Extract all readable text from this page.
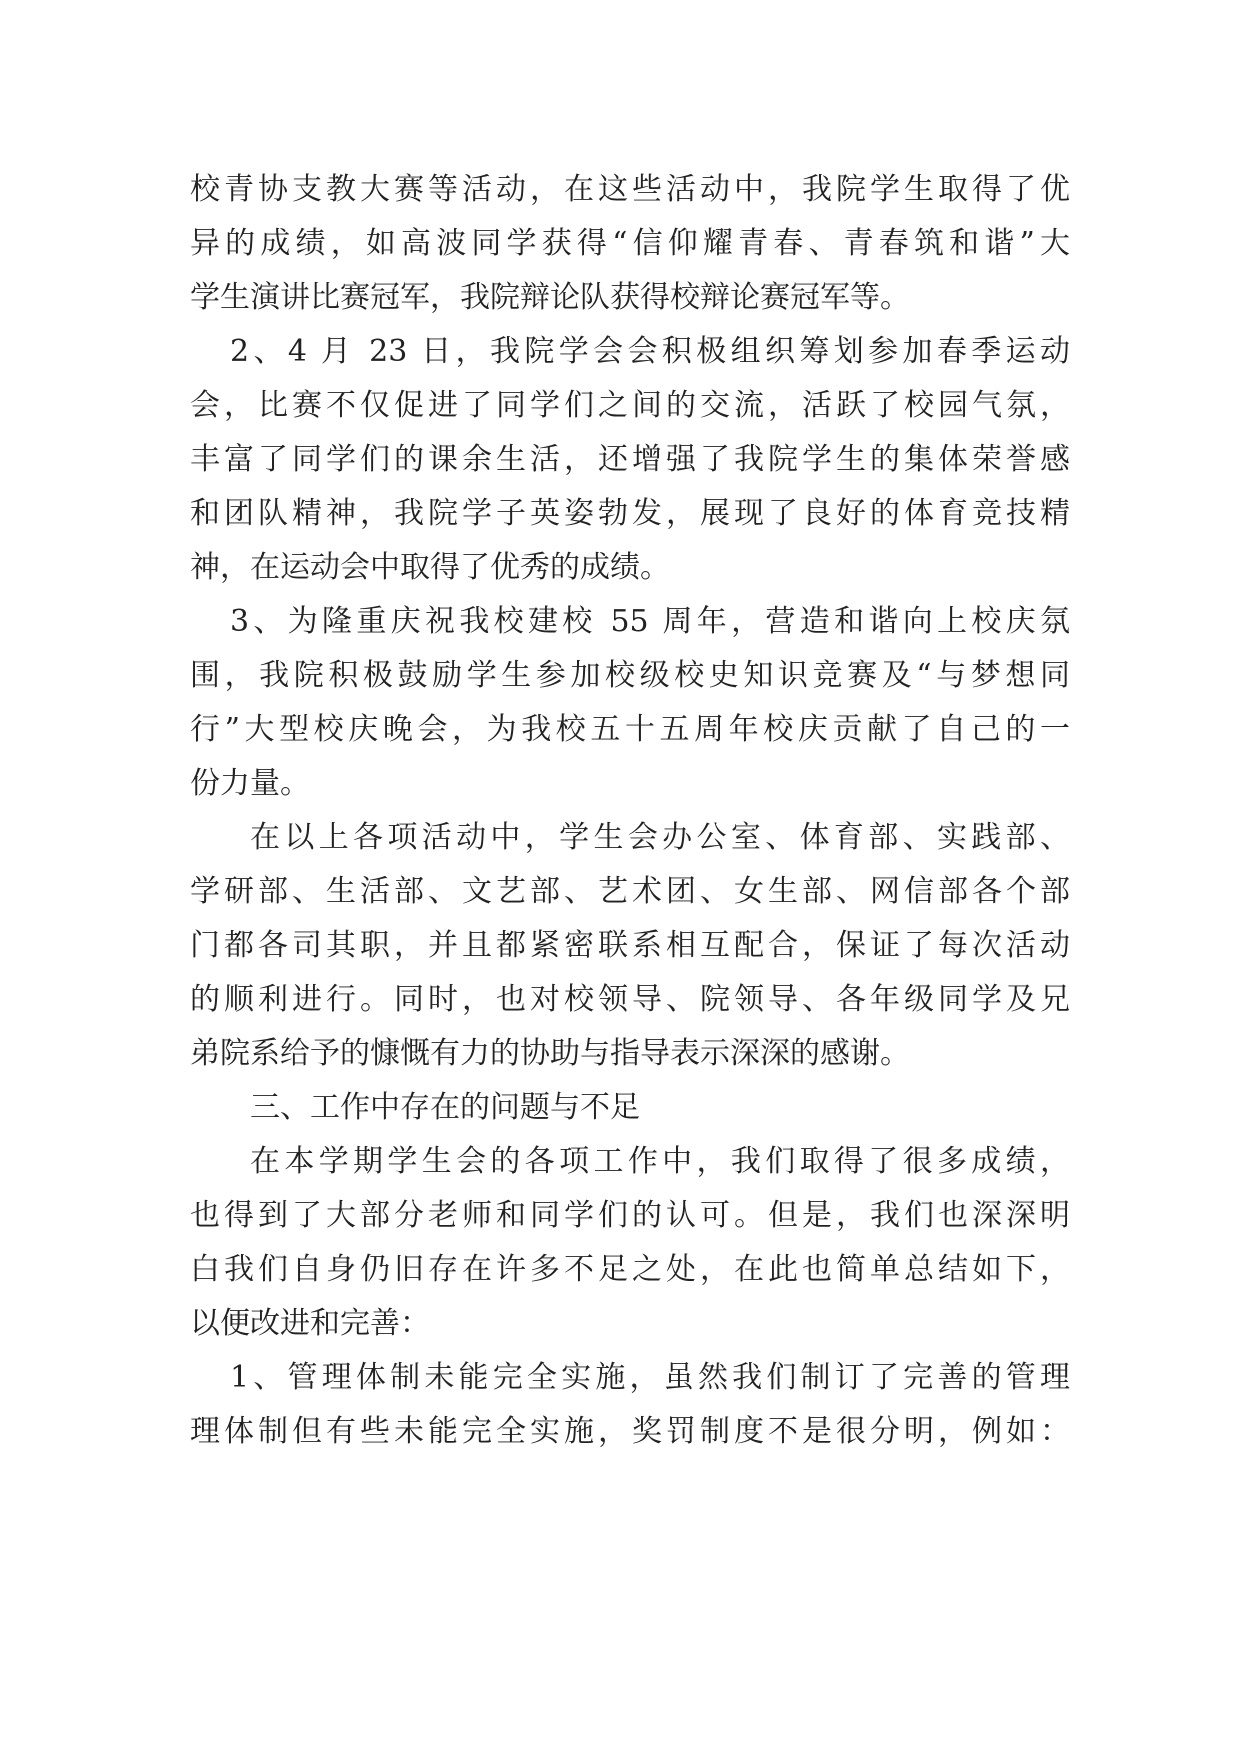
校青协支教大赛等活动，在这些活动中，我院学生取得了优
异的成绩，如高波同学获得“信仰耀青春、青春筑和谐”大
学生演讲比赛冠军，我院辩论队获得校辩论赛冠军等。
2、4 月 23 日，我院学会会积极组织筹划参加春季运动
会，比赛不仅促进了同学们之间的交流，活跃了校园气氛，
丰富了同学们的课余生活，还增强了我院学生的集体荣誉感
和团队精神，我院学子英姿勃发，展现了良好的体育竞技精
神，在运动会中取得了优秀的成绩。
3、为隆重庆祝我校建校 55 周年，营造和谐向上校庆氛
围，我院积极鼓励学生参加校级校史知识竞赛及“与梦想同
行”大型校庆晚会，为我校五十五周年校庆贡献了自己的一
份力量。
在以上各项活动中，学生会办公室、体育部、实践部、
学研部、生活部、文艺部、艺术团、女生部、网信部各个部
门都各司其职，并且都紧密联系相互配合，保证了每次活动
的顺利进行。同时，也对校领导、院领导、各年级同学及兄
弟院系给予的慷慨有力的协助与指导表示深深的感谢。
三、工作中存在的问题与不足
在本学期学生会的各项工作中，我们取得了很多成绩，
也得到了大部分老师和同学们的认可。但是，我们也深深明
白我们自身仍旧存在许多不足之处，在此也简单总结如下，
以便改进和完善：
1、管理体制未能完全实施，虽然我们制订了完善的管理
理体制但有些未能完全实施，奖罚制度不是很分明，例如：
